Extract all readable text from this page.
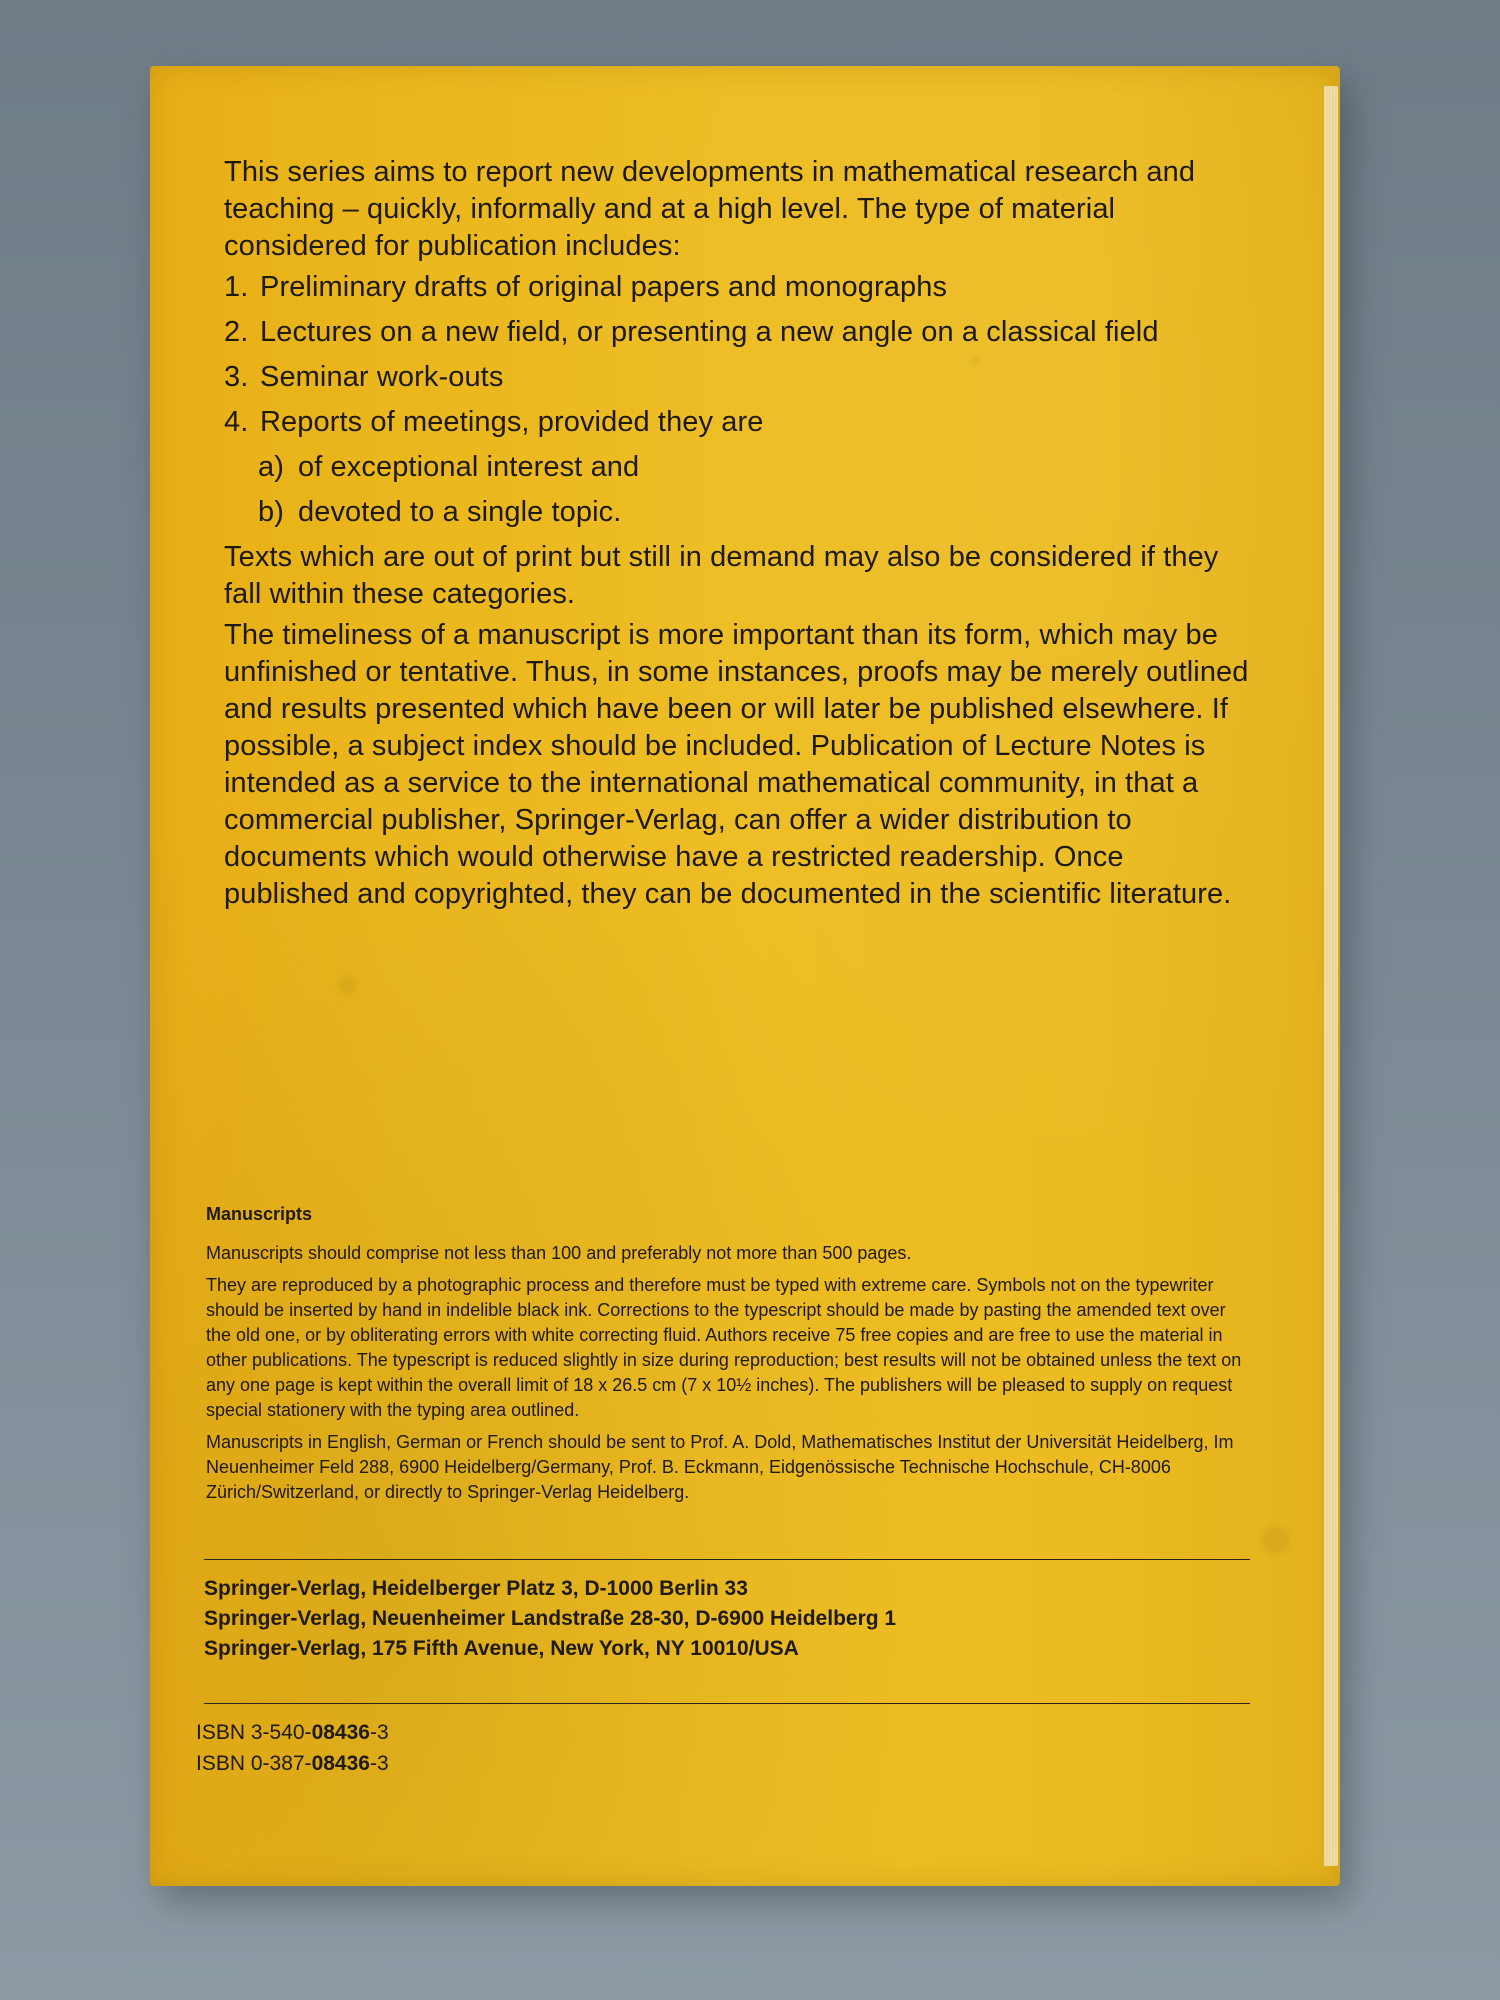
This series aims to report new developments in mathematical research and teaching – quickly, informally and at a high level. The type of material considered for publication includes:

1. Preliminary drafts of original papers and monographs
2. Lectures on a new field, or presenting a new angle on a classical field
3. Seminar work-outs
4. Reports of meetings, provided they are
a) of exceptional interest and
b) devoted to a single topic.

Texts which are out of print but still in demand may also be considered if they fall within these categories.

The timeliness of a manuscript is more important than its form, which may be unfinished or tentative. Thus, in some instances, proofs may be merely outlined and results presented which have been or will later be published elsewhere. If possible, a subject index should be included. Publication of Lecture Notes is intended as a service to the international mathematical community, in that a commercial publisher, Springer-Verlag, can offer a wider distribution to documents which would otherwise have a restricted readership. Once published and copyrighted, they can be documented in the scientific literature.

Manuscripts

Manuscripts should comprise not less than 100 and preferably not more than 500 pages.

They are reproduced by a photographic process and therefore must be typed with extreme care. Symbols not on the typewriter should be inserted by hand in indelible black ink. Corrections to the typescript should be made by pasting the amended text over the old one, or by obliterating errors with white correcting fluid. Authors receive 75 free copies and are free to use the material in other publications. The typescript is reduced slightly in size during reproduction; best results will not be obtained unless the text on any one page is kept within the overall limit of 18 x 26.5 cm (7 x 10½ inches). The publishers will be pleased to supply on request special stationery with the typing area outlined.

Manuscripts in English, German or French should be sent to Prof. A. Dold, Mathematisches Institut der Universität Heidelberg, Im Neuenheimer Feld 288, 6900 Heidelberg/Germany, Prof. B. Eckmann, Eidgenössische Technische Hochschule, CH-8006 Zürich/Switzerland, or directly to Springer-Verlag Heidelberg.

Springer-Verlag, Heidelberger Platz 3, D-1000 Berlin 33
Springer-Verlag, Neuenheimer Landstraße 28-30, D-6900 Heidelberg 1
Springer-Verlag, 175 Fifth Avenue, New York, NY 10010/USA
ISBN 3-540-08436-3
ISBN 0-387-08436-3
